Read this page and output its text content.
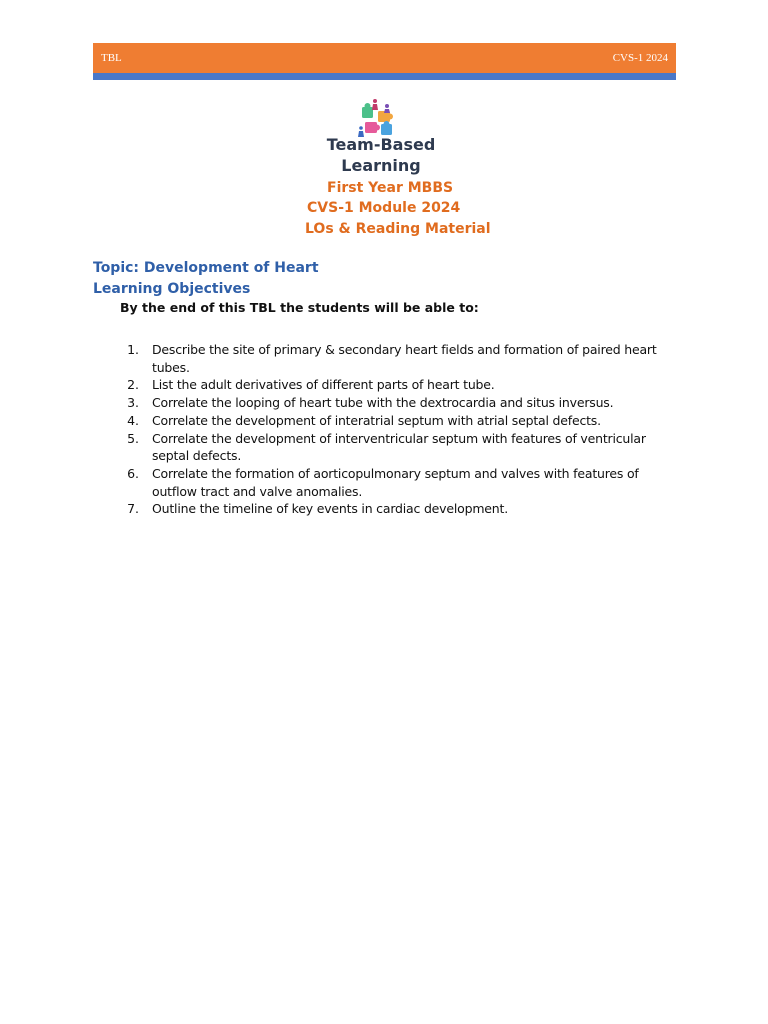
TBL	CVS-1 2024
Team-Based
Learning
First Year MBBS
CVS-1 Module 2024
LOs & Reading Material
Topic: Development of Heart
Learning Objectives
By the end of this TBL the students will be able to:
1.	Describe the site of primary & secondary heart fields and formation of paired heart tubes.
2.	List the adult derivatives of different parts of heart tube.
3.	Correlate the looping of heart tube with the dextrocardia and situs inversus.
4.	Correlate the development of interatrial septum with atrial septal defects.
5.	Correlate the development of interventricular septum with features of ventricular septal defects.
6.	Correlate the formation of aorticopulmonary septum and valves with features of outflow tract and valve anomalies.
7.	Outline the timeline of key events in cardiac development.
